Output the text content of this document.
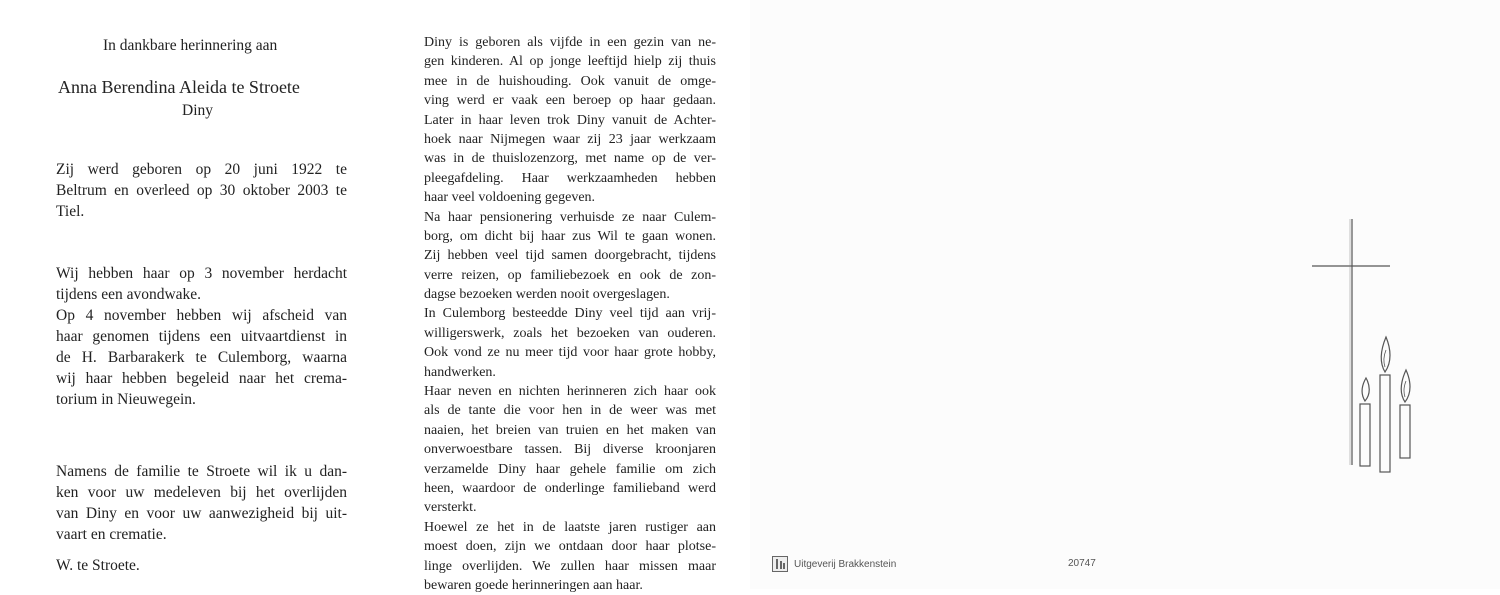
In dankbare herinnering aan
Anna Berendina Aleida te Stroete
Diny
Zij werd geboren op 20 juni 1922 te
Beltrum en overleed op 30 oktober 2003 te
Tiel.
Wij hebben haar op 3 november herdacht
tijdens een avondwake.
Op 4 november hebben wij afscheid van
haar genomen tijdens een uitvaartdienst in
de H. Barbarakerk te Culemborg, waarna
wij haar hebben begeleid naar het crema-
torium in Nieuwegein.
Namens de familie te Stroete wil ik u dan-
ken voor uw medeleven bij het overlijden
van Diny en voor uw aanwezigheid bij uit-
vaart en crematie.
W. te Stroete.
Diny is geboren als vijfde in een gezin van ne-
gen kinderen. Al op jonge leeftijd hielp zij thuis
mee in de huishouding. Ook vanuit de omge-
ving werd er vaak een beroep op haar gedaan.
Later in haar leven trok Diny vanuit de Achter-
hoek naar Nijmegen waar zij 23 jaar werkzaam
was in de thuislozenzorg, met name op de ver-
pleegafdeling. Haar werkzaamheden hebben
haar veel voldoening gegeven.
Na haar pensionering verhuisde ze naar Culem-
borg, om dicht bij haar zus Wil te gaan wonen.
Zij hebben veel tijd samen doorgebracht, tijdens
verre reizen, op familiebezoek en ook de zon-
dagse bezoeken werden nooit overgeslagen.
In Culemborg besteedde Diny veel tijd aan vrij-
willigerswerk, zoals het bezoeken van ouderen.
Ook vond ze nu meer tijd voor haar grote hobby,
handwerken.
Haar neven en nichten herinneren zich haar ook
als de tante die voor hen in de weer was met
naaien, het breien van truien en het maken van
onverwoestbare tassen. Bij diverse kroonjaren
verzamelde Diny haar gehele familie om zich
heen, waardoor de onderlinge familieband werd
versterkt.
Hoewel ze het in de laatste jaren rustiger aan
moest doen, zijn we ontdaan door haar plotse-
linge overlijden. We zullen haar missen maar
bewaren goede herinneringen aan haar.
Uitgeverij Brakkenstein	20747
